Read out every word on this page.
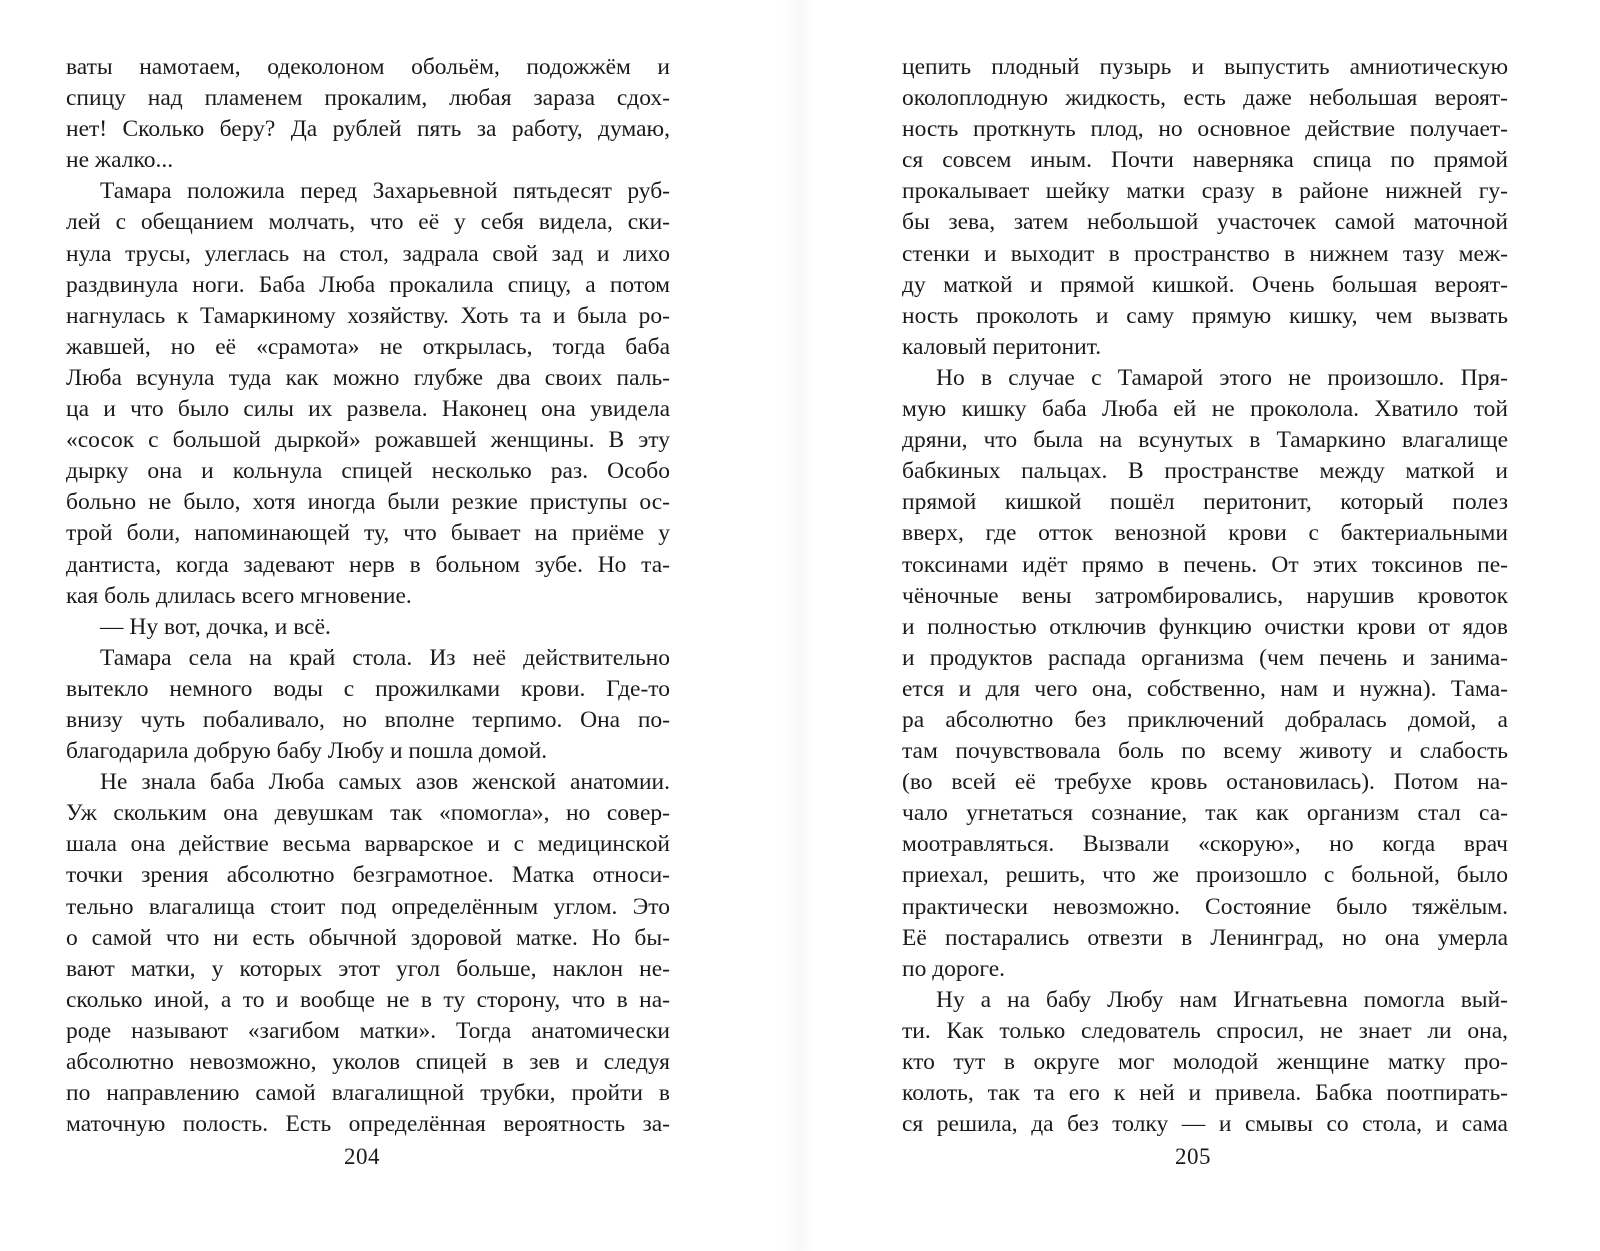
ваты намотаем, одеколоном обольём, подожжём и
спицу над пламенем прокалим, любая зараза сдох-
нет! Сколько беру? Да рублей пять за работу, думаю,
не жалко...
Тамара положила перед Захарьевной пятьдесят руб-
лей с обещанием молчать, что её у себя видела, ски-
нула трусы, улеглась на стол, задрала свой зад и лихо
раздвинула ноги. Баба Люба прокалила спицу, а потом
нагнулась к Тамаркиному хозяйству. Хоть та и была ро-
жавшей, но её «срамота» не открылась, тогда баба
Люба всунула туда как можно глубже два своих паль-
ца и что было силы их развела. Наконец она увидела
«сосок с большой дыркой» рожавшей женщины. В эту
дырку она и кольнула спицей несколько раз. Особо
больно не было, хотя иногда были резкие приступы ос-
трой боли, напоминающей ту, что бывает на приёме у
дантиста, когда задевают нерв в больном зубе. Но та-
кая боль длилась всего мгновение.
— Ну вот, дочка, и всё.
Тамара села на край стола. Из неё действительно
вытекло немного воды с прожилками крови. Где-то
внизу чуть побаливало, но вполне терпимо. Она по-
благодарила добрую бабу Любу и пошла домой.
Не знала баба Люба самых азов женской анатомии.
Уж скольким она девушкам так «помогла», но совер-
шала она действие весьма варварское и с медицинской
точки зрения абсолютно безграмотное. Матка относи-
тельно влагалища стоит под определённым углом. Это
о самой что ни есть обычной здоровой матке. Но бы-
вают матки, у которых этот угол больше, наклон не-
сколько иной, а то и вообще не в ту сторону, что в на-
роде называют «загибом матки». Тогда анатомически
абсолютно невозможно, уколов спицей в зев и следуя
по направлению самой влагалищной трубки, пройти в
маточную полость. Есть определённая вероятность за-
204
цепить плодный пузырь и выпустить амниотическую
околоплодную жидкость, есть даже небольшая вероят-
ность проткнуть плод, но основное действие получает-
ся совсем иным. Почти наверняка спица по прямой
прокалывает шейку матки сразу в районе нижней гу-
бы зева, затем небольшой участочек самой маточной
стенки и выходит в пространство в нижнем тазу меж-
ду маткой и прямой кишкой. Очень большая вероят-
ность проколоть и саму прямую кишку, чем вызвать
каловый перитонит.
Но в случае с Тамарой этого не произошло. Пря-
мую кишку баба Люба ей не проколола. Хватило той
дряни, что была на всунутых в Тамаркино влагалище
бабкиных пальцах. В пространстве между маткой и
прямой кишкой пошёл перитонит, который полез
вверх, где отток венозной крови с бактериальными
токсинами идёт прямо в печень. От этих токсинов пе-
чёночные вены затромбировались, нарушив кровоток
и полностью отключив функцию очистки крови от ядов
и продуктов распада организма (чем печень и занима-
ется и для чего она, собственно, нам и нужна). Тама-
ра абсолютно без приключений добралась домой, а
там почувствовала боль по всему животу и слабость
(во всей её требухе кровь остановилась). Потом на-
чало угнетаться сознание, так как организм стал са-
моотравляться. Вызвали «скорую», но когда врач
приехал, решить, что же произошло с больной, было
практически невозможно. Состояние было тяжёлым.
Её постарались отвезти в Ленинград, но она умерла
по дороге.
Ну а на бабу Любу нам Игнатьевна помогла вый-
ти. Как только следователь спросил, не знает ли она,
кто тут в округе мог молодой женщине матку про-
колоть, так та его к ней и привела. Бабка поотпирать-
ся решила, да без толку — и смывы со стола, и сама
205
